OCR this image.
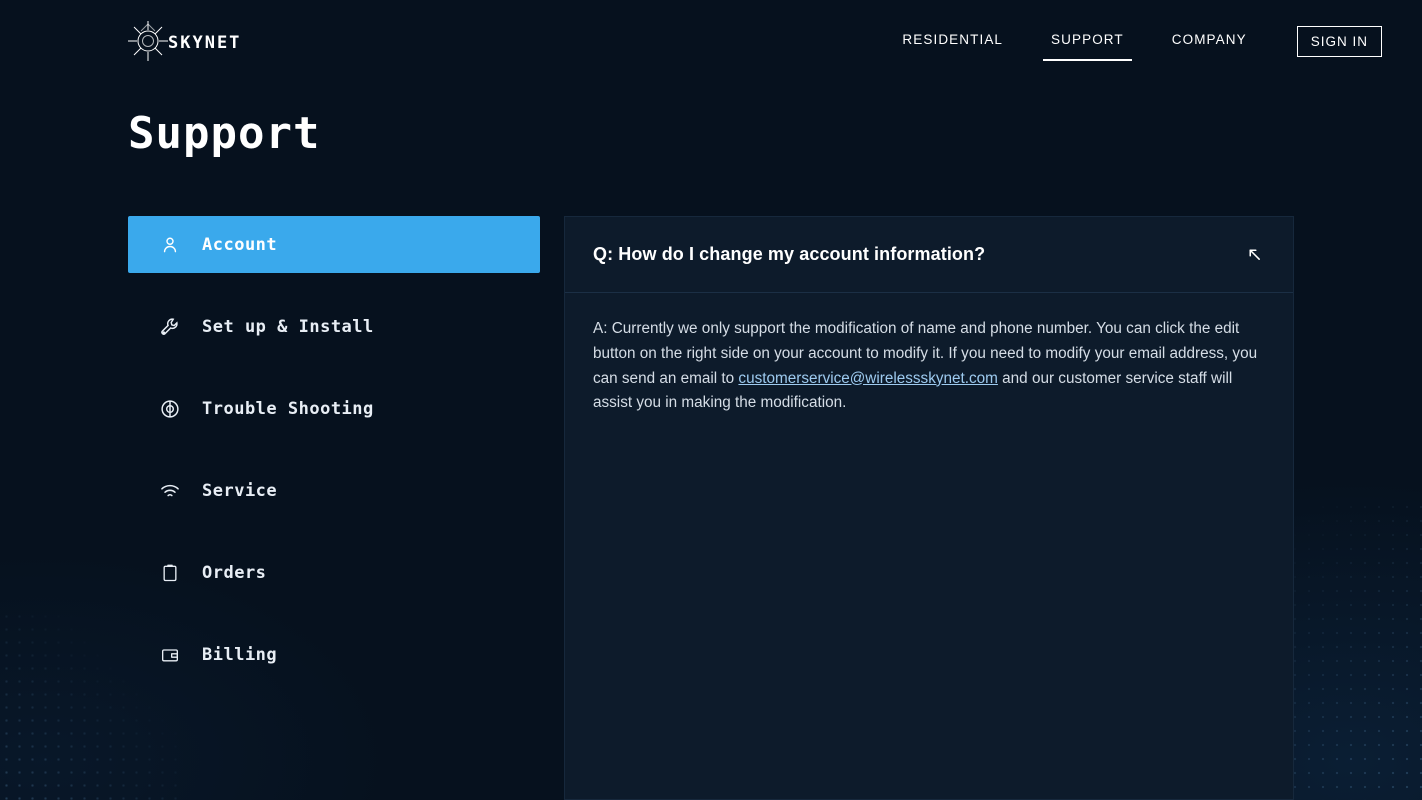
SKYNET	RESIDENTIAL	SUPPORT	COMPANY	SIGN IN
Support
Account
Set up & Install
Trouble Shooting
Service
Orders
Billing
Q: How do I change my account information?

A: Currently we only support the modification of name and phone number. You can click the edit button on the right side on your account to modify it. If you need to modify your email address, you can send an email to customerservice@wirelessskynet.com and our customer service staff will assist you in making the modification.
